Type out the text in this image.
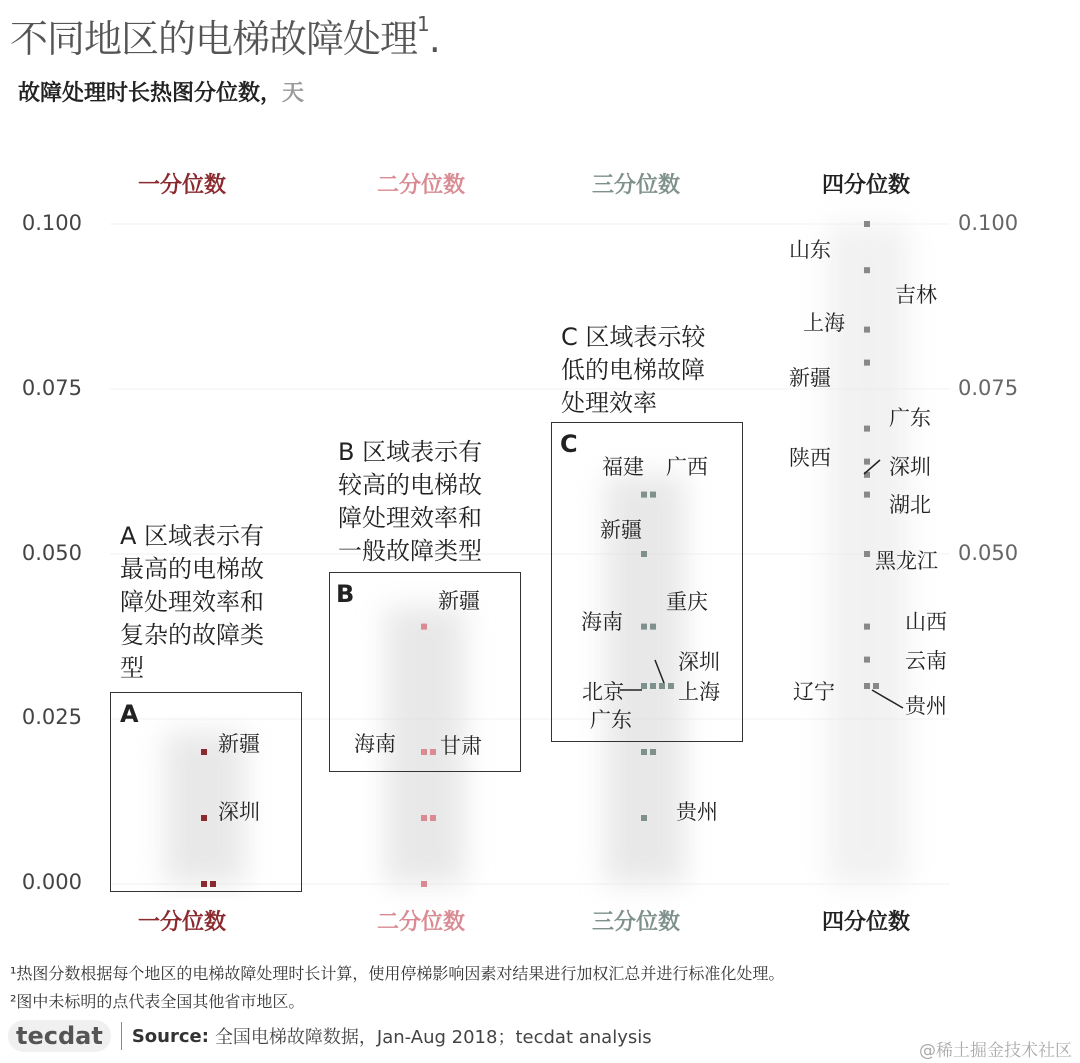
不同地区的电梯故障处理$^1$.
故障处理时长热图分位数，天
一分位数	二分位数	三分位数	四分位数
一分位数	二分位数	三分位数	四分位数
0.000
0.025
0.050
0.075
0.100
0.050
0.075
0.100
A
A 区域表示有
最高的电梯故
障处理效率和
复杂的故障类
型
B
B 区域表示有
较高的电梯故
障处理效率和
一般故障类型
C
C 区域表示较
低的电梯故障
处理效率
新疆
深圳
新疆
海南 甘肃
福建 广西
新疆
海南
重庆
北京
广东
深圳
上海
贵州
山东
吉林
上海
新疆
广东
陕西	深圳
湖北
黑龙江
山西
云南
辽宁
贵州
¹热图分数根据每个地区的电梯故障处理时长计算，使用停梯影响因素对结果进行加权汇总并进行标准化处理。
²图中未标明的点代表全国其他省市地区。
tecdat	Source: 全国电梯故障数据，Jan-Aug 2018；tecdat analysis
@稀土掘金技术社区
